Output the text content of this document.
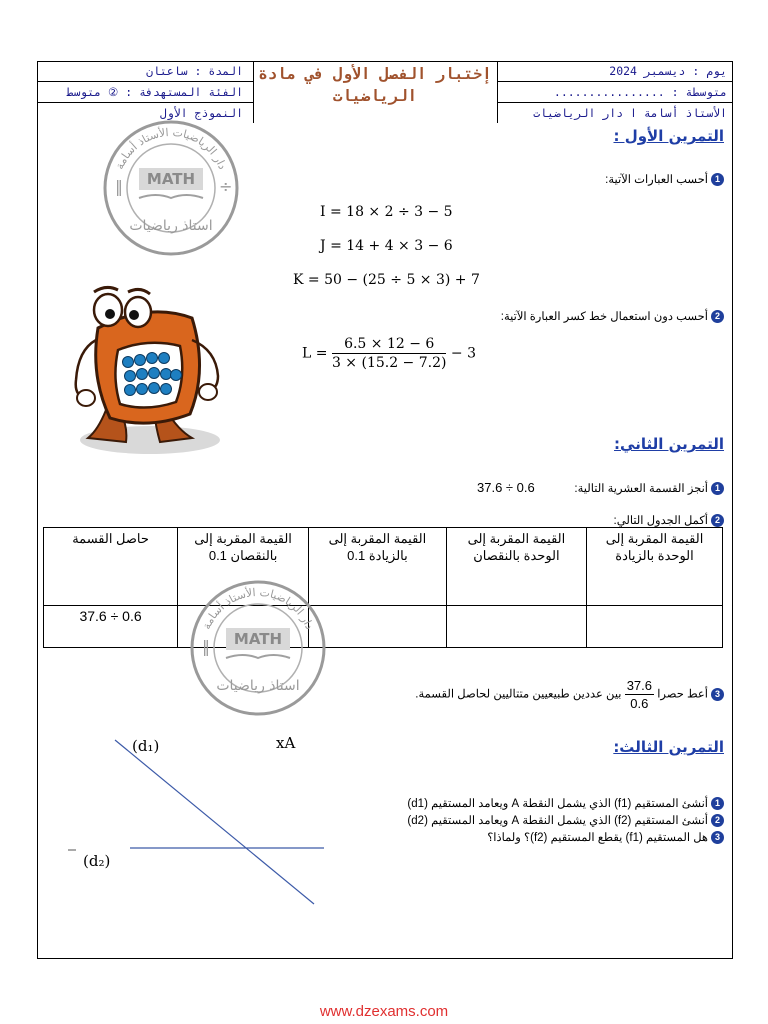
يوم : ديسمبر 2024
متوسطة : ................
الأستاذ أسامة ا دار الرياضيات
إختبار الفصل الأول في مادة
الرياضيات
المدة : ساعتان
الفئة المستهدفة : ② متوسط
النموذج الأول
دار الرياضيات الأستاذ أسامة
MATH
استاذ رياضيات
‖	÷
التمرين الأول :
1أحسب العبارات الآتية:
I = 18 × 2 ÷ 3 − 5
J = 14 + 4 × 3 − 6
K = 50 − (25 ÷ 5 × 3) + 7
2أحسب دون استعمال خط كسر العبارة الآتية:
$L = \frac{6.5 \times 12 - 6}{3 \times (15.2 - 7.2)} - 3$
التمرين الثاني:
1أنجز القسمة العشرية التالية:
37.6 ÷ 0.6
2أكمل الجدول التالي:
حاصل القسمة	القيمة المقربة إلى بالنقصان 0.1	القيمة المقربة إلى بالزيادة 0.1	القيمة المقربة إلى الوحدة بالنقصان	القيمة المقربة إلى الوحدة بالزيادة
37.6 ÷ 0.6				
دار الرياضيات الأستاذ أسامة
MATH
استاذ رياضيات
‖
3أعط حصرا
$\frac{37.6}{0.6}$
بين عددين طبيعيين متتاليين لحاصل القسمة.
التمرين الثالث:
1أنشئ المستقيم (f1) الذي يشمل النقطة A ويعامد المستقيم (d1)
2أنشئ المستقيم (f2) الذي يشمل النقطة A ويعامد المستقيم (d2)
3هل المستقيم (f1) يقطع المستقيم (f2)؟ ولماذا؟
(d₁)	xA
(d₂)
www.dzexams.com
